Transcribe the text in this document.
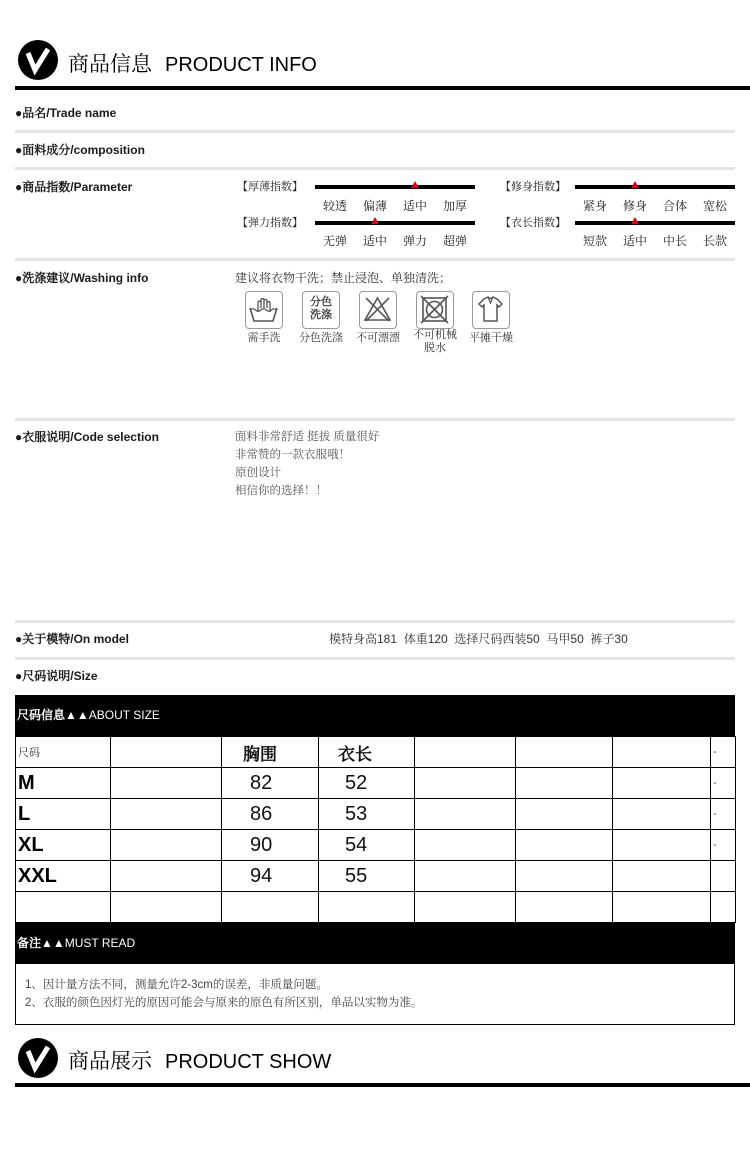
商品信息 PRODUCT INFO
●品名/Trade name
●面料成分/composition
●商品指数/Parameter	【厚薄指数】
较透	偏薄	适中	加厚
【修身指数】
紧身	修身	合体	宽松
【弹力指数】
无弹	适中	弹力	超弹
【衣长指数】
短款	适中	中长	长款
●洗涤建议/Washing info	建议将衣物干洗；禁止浸泡、单独清洗；
分色
洗涤
需手洗	分色洗涤	不可漂漂	不可机械
脱水
平摊干燥
●衣服说明/Code selection	面料非常舒适 挺拔 质量很好
非常赞的一款衣服哦！
原创设计
相信你的选择！！
●关于模特/On model	模特身高181  体重120  选择尺码西装50  马甲50  裤子30
●尺码说明/Size
尺码信息▲▲ABOUT SIZE
尺码		胸围	衣长				-
M		82	52				-
L		86	53				-
XL		90	54				-
XXL		94	55				

备注▲▲MUST READ
1、因计量方法不同，测量允许2-3cm的误差，非质量问题。
2、衣服的颜色因灯光的原因可能会与原来的原色有所区别，单品以实物为准。
商品展示 PRODUCT SHOW
